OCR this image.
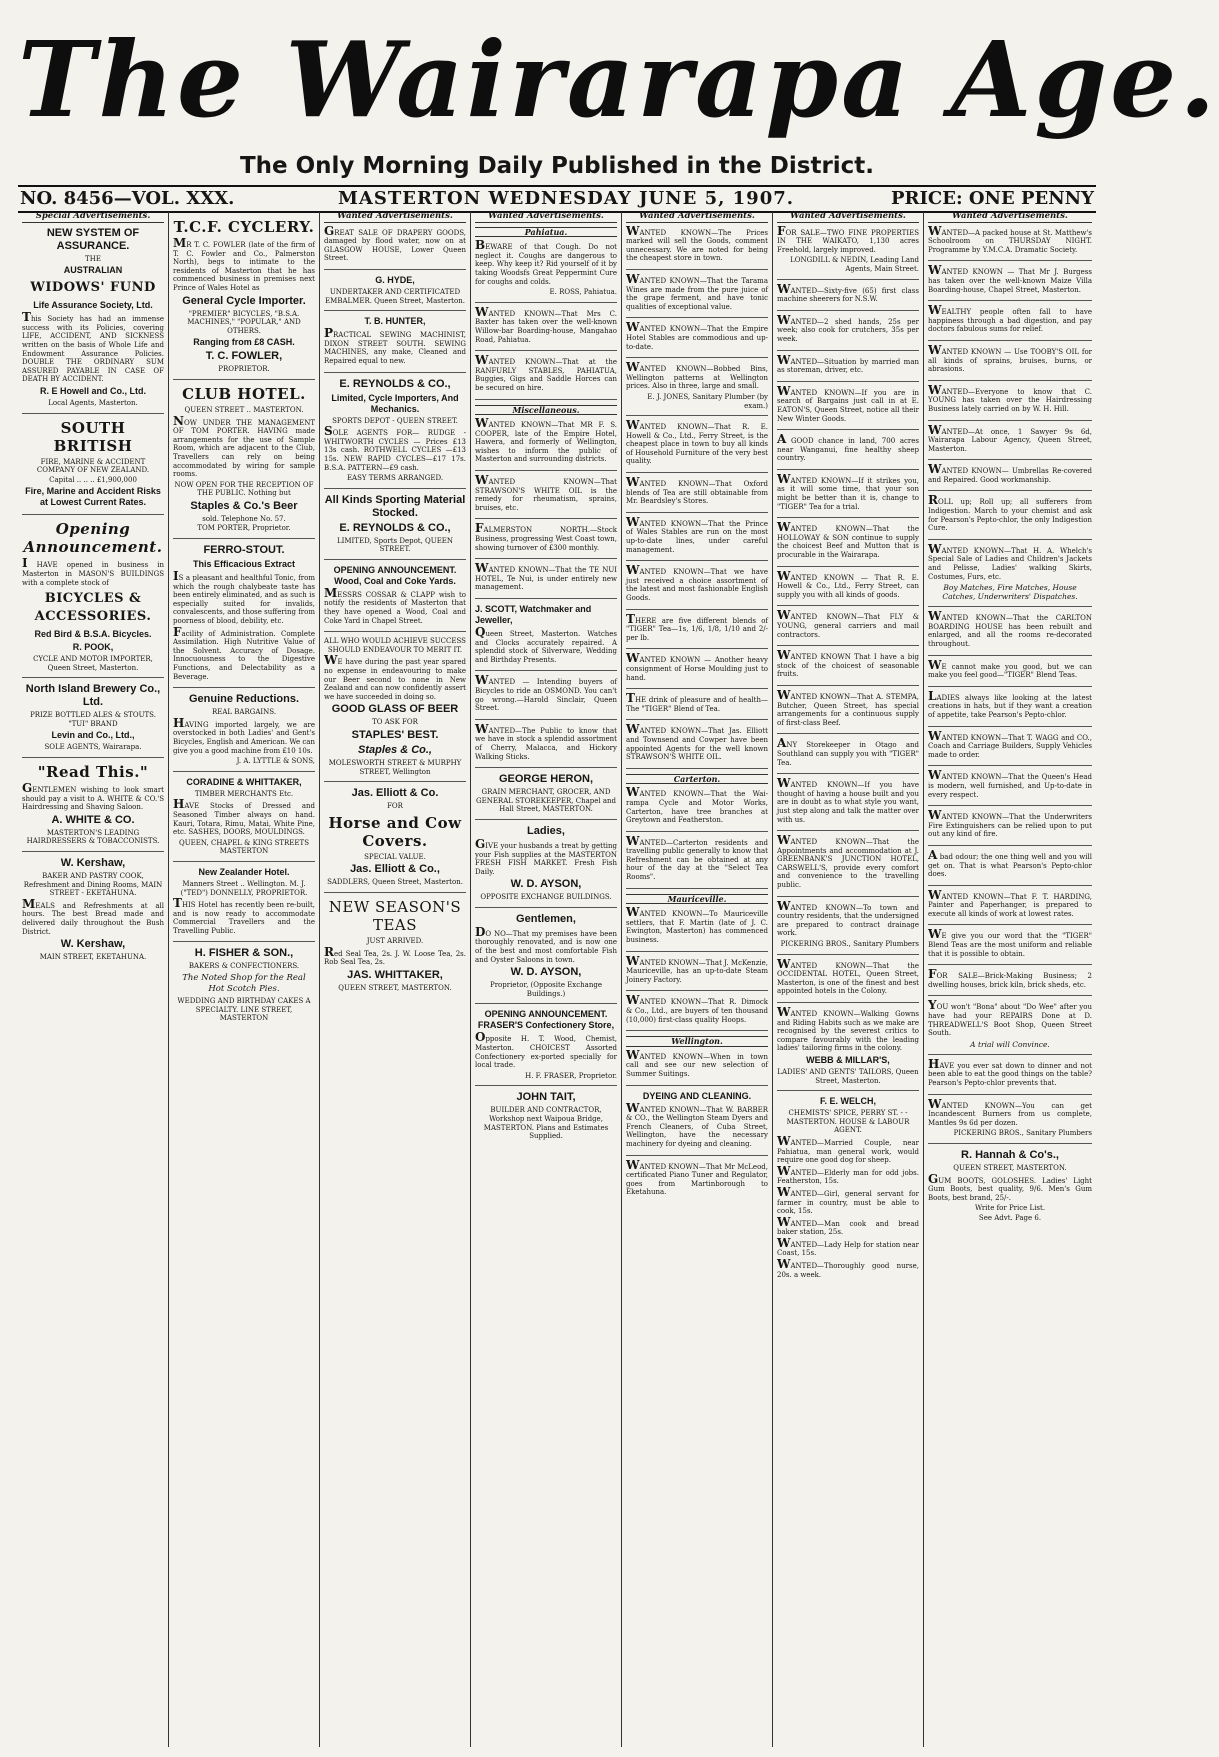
The Wairarapa Age.
The Only Morning Daily Published in the District.
NO. 8456—VOL. XXX.	MASTERTON WEDNESDAY JUNE 5, 1907.	PRICE: ONE PENNY
Special Advertisements.
NEW SYSTEM OF ASSURANCE.
THE
AUSTRALIAN
WIDOWS' FUND
Life Assurance Society, Ltd.
This Society has had an immense success with its Policies, covering LIFE, ACCIDENT, AND SICKNESS written on the basis of Whole Life and Endowment Assurance Policies. DOUBLE THE ORDINARY SUM ASSURED PAYABLE IN CASE OF DEATH BY ACCIDENT.
R. E Howell and Co., Ltd.
Local Agents, Masterton.
SOUTH BRITISH
FIRE, MARINE & ACCIDENT COMPANY OF NEW ZEALAND.
Capital .. .. .. £1,900,000
Fire, Marine and Accident Risks at Lowest Current Rates.
Opening Announcement.
I HAVE opened in business in Masterton in MASON'S BUILDINGS with a complete stock of
BICYCLES & ACCESSORIES.
Red Bird & B.S.A. Bicycles.
R. POOK,
CYCLE AND MOTOR IMPORTER, Queen Street, Masterton.
North Island Brewery Co., Ltd.
PRIZE BOTTLED ALES & STOUTS. "TUI" BRAND
Levin and Co., Ltd.,
SOLE AGENTS, Wairarapa.
"Read This."
GENTLEMEN wishing to look smart should pay a visit to A. WHITE & CO.'S Hairdressing and Shaving Saloon.
A. WHITE & CO.
MASTERTON'S LEADING HAIRDRESSERS & TOBACCONISTS.
W. Kershaw,
BAKER AND PASTRY COOK, Refreshment and Dining Rooms, MAIN STREET - EKETAHUNA.
MEALS and Refreshments at all hours. The best Bread made and delivered daily throughout the Bush District.
W. Kershaw,
MAIN STREET, EKETAHUNA.
T.C.F. CYCLERY.
MR T. C. FOWLER (late of the firm of T. C. Fowler and Co., Palmerston North), begs to intimate to the residents of Masterton that he has commenced business in premises next Prince of Wales Hotel as
General Cycle Importer.
"PREMIER" BICYCLES, "B.S.A. MACHINES," "POPULAR," AND OTHERS.
Ranging from £8 CASH.
T. C. FOWLER,
PROPRIETOR.
CLUB HOTEL.
QUEEN STREET .. MASTERTON.
NOW UNDER THE MANAGEMENT OF TOM PORTER. HAVING made arrangements for the use of Sample Room, which are adjacent to the Club, Travellers can rely on being accommodated by wiring for sample rooms.
NOW OPEN FOR THE RECEPTION OF THE PUBLIC. Nothing but
Staples & Co.'s Beer
sold. Telephone No. 57.
TOM PORTER, Proprietor.
FERRO-STOUT.
This Efficacious Extract
IS a pleasant and healthful Tonic, from which the rough chalybeate taste has been entirely eliminated, and as such is especially suited for invalids, convalescents, and those suffering from poorness of blood, debility, etc.
Facility of Administration. Complete Assimilation. High Nutritive Value of the Solvent. Accuracy of Dosage. Innocuousness to the Digestive Functions, and Delectability as a Beverage.
Genuine Reductions.
REAL BARGAINS.
HAVING imported largely, we are overstocked in both Ladies' and Gent's Bicycles, English and American. We can give you a good machine from £10 10s.
J. A. LYTTLE & SONS,
CORADINE & WHITTAKER,
TIMBER MERCHANTS Etc.
HAVE Stocks of Dressed and Seasoned Timber always on hand. Kauri, Totara, Rimu, Matai, White Pine, etc. SASHES, DOORS, MOULDINGS.
QUEEN, CHAPEL & KING STREETS MASTERTON
New Zealander Hotel.
Manners Street .. Wellington. M. J. ("TED") DONNELLY, PROPRIETOR.
THIS Hotel has recently been re-built, and is now ready to accommodate Commercial Travellers and the Travelling Public.
H. FISHER & SON.,
BAKERS & CONFECTIONERS.
The Noted Shop for the Real Hot Scotch Pies.
WEDDING AND BIRTHDAY CAKES A SPECIALTY. LINE STREET, MASTERTON
Wanted Advertisements.
GREAT SALE OF DRAPERY GOODS, damaged by flood water, now on at GLASGOW HOUSE, Lower Queen Street.
G. HYDE,
UNDERTAKER AND CERTIFICATED EMBALMER. Queen Street, Masterton.
T. B. HUNTER,
PRACTICAL SEWING MACHINIST, DIXON STREET SOUTH. SEWING MACHINES, any make, Cleaned and Repaired equal to new.
E. REYNOLDS & CO.,
Limited, Cycle Importers, And Mechanics.
SPORTS DEPOT - QUEEN STREET.
SOLE AGENTS FOR— RUDGE - WHITWORTH CYCLES — Prices £13 13s cash. ROTHWELL CYCLES —£13 15s. NEW RAPID CYCLES—£17 17s. B.S.A. PATTERN—£9 cash.
EASY TERMS ARRANGED.
All Kinds Sporting Material Stocked.
E. REYNOLDS & CO.,
LIMITED, Sports Depot, QUEEN STREET.
OPENING ANNOUNCEMENT. Wood, Coal and Coke Yards.
MESSRS COSSAR & CLAPP wish to notify the residents of Masterton that they have opened a Wood, Coal and Coke Yard in Chapel Street.
ALL WHO WOULD ACHIEVE SUCCESS SHOULD ENDEAVOUR TO MERIT IT.
WE have during the past year spared no expense in endeavouring to make our Beer second to none in New Zealand and can now confidently assert we have succeeded in doing so.
GOOD GLASS OF BEER
TO ASK FOR
STAPLES' BEST.
Staples & Co.,
MOLESWORTH STREET & MURPHY STREET, Wellington
Jas. Elliott & Co.
FOR
Horse and Cow Covers.
SPECIAL VALUE.
Jas. Elliott & Co.,
SADDLERS, Queen Street, Masterton.
NEW SEASON'S TEAS
JUST ARRIVED.
Red Seal Tea, 2s. J. W. Loose Tea, 2s. Rob Seal Tea, 2s.
JAS. WHITTAKER,
QUEEN STREET, MASTERTON.
Wanted Advertisements.
Pahiatua.
BEWARE of that Cough. Do not neglect it. Coughs are dangerous to keep. Why keep it? Rid yourself of it by taking Woodsfs Great Peppermint Cure for coughs and colds.
E. ROSS, Pahiatua.
WANTED KNOWN—That Mrs C. Baxter has taken over the well-known Willow-bar Boarding-house, Mangahao Road, Pahiatua.
WANTED KNOWN—That at the RANFURLY STABLES, PAHIATUA, Buggies, Gigs and Saddle Horces can be secured on hire.
Miscellaneous.
WANTED KNOWN—That MR F. S. COOPER, late of the Empire Hotel, Hawera, and formerly of Wellington, wishes to inform the public of Masterton and surrounding districts.
WANTED KNOWN—That STRAWSON'S WHITE OIL is the remedy for rheumatism, sprains, bruises, etc.
FALMERSTON NORTH.—Stock Business, progressing West Coast town, showing turnover of £300 monthly.
WANTED KNOWN—That the TE NUI HOTEL, Te Nui, is under entirely new management.
J. SCOTT, Watchmaker and Jeweller,
Queen Street, Masterton. Watches and Clocks accurately repaired. A splendid stock of Silverware, Wedding and Birthday Presents.
WANTED — Intending buyers of Bicycles to ride an OSMOND. You can't go wrong.—Harold Sinclair, Queen Street.
WANTED—The Public to know that we have in stock a splendid assortment of Cherry, Malacca, and Hickory Walking Sticks.
GEORGE HERON,
GRAIN MERCHANT, GROCER, AND GENERAL STOREKEEPER, Chapel and Hall Street, MASTERTON.
Ladies,
GIVE your husbands a treat by getting your Fish supplies at the MASTERTON FRESH FISH MARKET. Fresh Fish Daily.
W. D. AYSON,
OPPOSITE EXCHANGE BUILDINGS.
Gentlemen,
DO NO—That my premises have been thoroughly renovated, and is now one of the best and most comfortable Fish and Oyster Saloons in town.
W. D. AYSON,
Proprietor, (Opposite Exchange Buildings.)
OPENING ANNOUNCEMENT. FRASER'S Confectionery Store,
Opposite H. T. Wood, Chemist, Masterton. CHOICEST Assorted Confectionery ex-ported specially for local trade.
H. F. FRASER, Proprietor.
JOHN TAIT,
BUILDER AND CONTRACTOR, Workshop next Waipoua Bridge, MASTERTON. Plans and Estimates Supplied.
Wanted Advertisements.
WANTED KNOWN—The Prices marked will sell the Goods, comment unnecessary. We are noted for being the cheapest store in town.
WANTED KNOWN—That the Tarama Wines are made from the pure juice of the grape ferment, and have tonic qualities of exceptional value.
WANTED KNOWN—That the Empire Hotel Stables are commodious and up-to-date.
WANTED KNOWN—Bobbed Bins, Wellington patterns at Wellington prices. Also in three, large and small.
E. J. JONES, Sanitary Plumber (by exam.)
WANTED KNOWN—That R. E. Howell & Co., Ltd., Ferry Street, is the cheapest place in town to buy all kinds of Household Furniture of the very best quality.
WANTED KNOWN—That Oxford blends of Tea are still obtainable from Mr. Beardsley's Stores.
WANTED KNOWN—That the Prince of Wales Stables are run on the most up-to-date lines, under careful management.
WANTED KNOWN—That we have just received a choice assortment of the latest and most fashionable English Goods.
THERE are five different blends of "TIGER" Tea—1s, 1/6, 1/8, 1/10 and 2/- per lb.
WANTED KNOWN — Another heavy consignment of Horse Moulding just to hand.
THE drink of pleasure and of health—The "TIGER" Blend of Tea.
WANTED KNOWN—That Jas. Elliott and Townsend and Cowper have been appointed Agents for the well known STRAWSON'S WHITE OIL.
Carterton.
WANTED KNOWN—That the Wai-rampa Cycle and Motor Works, Carterton, have tree branches at Greytown and Featherston.
WANTED—Carterton residents and travelling public generally to know that Refreshment can be obtained at any hour of the day at the "Select Tea Rooms".
Mauriceville.
WANTED KNOWN—To Mauriceville settlers, that F. Martin (late of J. C. Ewington, Masterton) has commenced business.
WANTED KNOWN—That J. McKenzie, Mauriceville, has an up-to-date Steam Joinery Factory.
WANTED KNOWN—That R. Dimock & Co., Ltd., are buyers of ten thousand (10,000) first-class quality Hoops.
Wellington.
WANTED KNOWN—When in town call and see our new selection of Summer Suitings.
DYEING AND CLEANING.
WANTED KNOWN—That W. BARBER & CO., the Wellington Steam Dyers and French Cleaners, of Cuba Street, Wellington, have the necessary machinery for dyeing and cleaning.
WANTED KNOWN—That Mr McLeod, certificated Piano Tuner and Regulator, goes from Martinborough to Eketahuna.
Wanted Advertisements.
FOR SALE—TWO FINE PROPERTIES IN THE WAIKATO, 1,130 acres Freehold, largely improved.
LONGDILL & NEDIN, Leading Land Agents, Main Street.
WANTED—Sixty-five (65) first class machine sheerers for N.S.W.
WANTED—2 shed hands, 25s per week; also cook for crutchers, 35s per week.
WANTED—Situation by married man as storeman, driver, etc.
WANTED KNOWN—If you are in search of Bargains just call in at E. EATON'S, Queen Street, notice all their New Winter Goods.
A GOOD chance in land, 700 acres near Wanganui, fine healthy sheep country.
WANTED KNOWN—If it strikes you, as it will some time, that your son might be better than it is, change to "TIGER" Tea for a trial.
WANTED KNOWN—That the HOLLOWAY & SON continue to supply the choicest Beef and Mutton that is procurable in the Wairarapa.
WANTED KNOWN — That R. E. Howell & Co., Ltd., Ferry Street, can supply you with all kinds of goods.
WANTED KNOWN—That FLY & YOUNG, general carriers and mail contractors.
WANTED KNOWN That I have a big stock of the choicest of seasonable fruits.
WANTED KNOWN—That A. STEMPA, Butcher, Queen Street, has special arrangements for a continuous supply of first-class Beef.
ANY Storekeeper in Otago and Southland can supply you with "TIGER" Tea.
WANTED KNOWN—If you have thought of having a house built and you are in doubt as to what style you want, just step along and talk the matter over with us.
WANTED KNOWN—That the Appointments and accommodation at J. GREENBANK'S JUNCTION HOTEL, CARSWELL'S, provide every comfort and convenience to the travelling public.
WANTED KNOWN—To town and country residents, that the undersigned are prepared to contract drainage work.
PICKERING BROS., Sanitary Plumbers
WANTED KNOWN—That the OCCIDENTAL HOTEL, Queen Street, Masterton, is one of the finest and best appointed hotels in the Colony.
WANTED KNOWN—Walking Gowns and Riding Habits such as we make are recognised by the severest critics to compare favourably with the leading ladies' tailoring firms in the colony.
WEBB & MILLAR'S,
LADIES' AND GENTS' TAILORS, Queen Street, Masterton.
F. E. WELCH,
CHEMISTS' SPICE, PERRY ST. - - MASTERTON. HOUSE & LABOUR AGENT.
WANTED—Married Couple, near Pahiatua, man general work, would require one good dog for sheep.
WANTED—Elderly man for odd jobs. Featherston, 15s.
WANTED—Girl, general servant for farmer in country, must be able to cook, 15s.
WANTED—Man cook and bread baker station, 25s.
WANTED—Lady Help for station near Coast, 15s.
WANTED—Thoroughly good nurse, 20s. a week.
Wanted Advertisements.
WANTED—A packed house at St. Matthew's Schoolroom on THURSDAY NIGHT. Programme by Y.M.C.A. Dramatic Society.
WANTED KNOWN — That Mr J. Burgess has taken over the well-known Maize Villa Boarding-house, Chapel Street, Masterton.
WEALTHY people often fall to have happiness through a bad digestion, and pay doctors fabulous sums for relief.
WANTED KNOWN — Use TOOBY'S OIL for all kinds of sprains, bruises, burns, or abrasions.
WANTED—Everyone to know that C. YOUNG has taken over the Hairdressing Business lately carried on by W. H. Hill.
WANTED—At once, 1 Sawyer 9s 6d, Wairarapa Labour Agency, Queen Street, Masterton.
WANTED KNOWN— Umbrellas Re-covered and Repaired. Good workmanship.
ROLL up; Roll up; all sufferers from Indigestion. March to your chemist and ask for Pearson's Pepto-chlor, the only Indigestion Cure.
WANTED KNOWN—That H. A. Whelch's Special Sale of Ladies and Children's Jackets and Pelisse, Ladies' walking Skirts, Costumes, Furs, etc.
Boy Matches, Fire Matches, House Catches, Underwriters' Dispatches.
WANTED KNOWN—That the CARLTON BOARDING HOUSE has been rebuilt and enlarged, and all the rooms re-decorated throughout.
WE cannot make you good, but we can make you feel good—"TIGER" Blend Teas.
LADIES always like looking at the latest creations in hats, but if they want a creation of appetite, take Pearson's Pepto-chlor.
WANTED KNOWN—That T. WAGG and CO., Coach and Carriage Builders, Supply Vehicles made to order.
WANTED KNOWN—That the Queen's Head is modern, well furnished, and Up-to-date in every respect.
WANTED KNOWN—That the Underwriters Fire Extinguishers can be relied upon to put out any kind of fire.
A bad odour; the one thing well and you will get on. That is what Pearson's Pepto-chlor does.
WANTED KNOWN—That F. T. HARDING, Painter and Paperhanger, is prepared to execute all kinds of work at lowest rates.
WE give you our word that the "TIGER" Blend Teas are the most uniform and reliable that it is possible to obtain.
FOR SALE—Brick-Making Business; 2 dwelling houses, brick kiln, brick sheds, etc.
YOU won't "Bona" about "Do Wee" after you have had your REPAIRS Done at D. THREADWELL'S Boot Shop, Queen Street South.
A trial will Convince.
HAVE you ever sat down to dinner and not been able to eat the good things on the table? Pearson's Pepto-chlor prevents that.
WANTED KNOWN—You can get Incandescent Burners from us complete, Mantles 9s 6d per dozen.
PICKERING BROS., Sanitary Plumbers
R. Hannah & Co's.,
QUEEN STREET, MASTERTON.
GUM BOOTS, GOLOSHES. Ladies' Light Gum Boots, best quality, 9/6. Men's Gum Boots, best brand, 25/-.
Write for Price List.
See Advt. Page 6.
